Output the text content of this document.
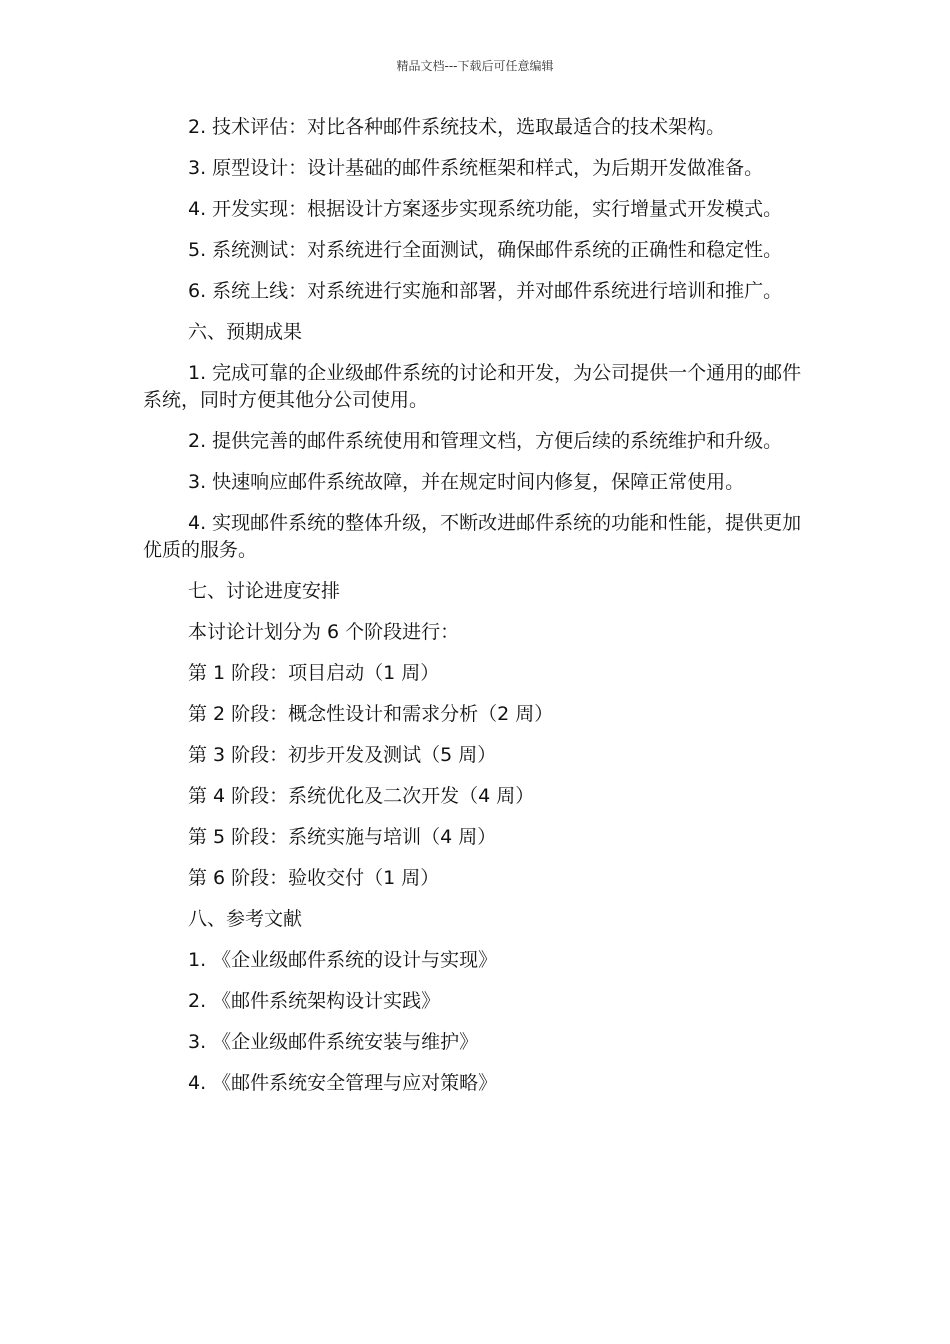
精品文档---下载后可任意编辑

2. 技术评估：对比各种邮件系统技术，选取最适合的技术架构。

3. 原型设计：设计基础的邮件系统框架和样式，为后期开发做准备。

4. 开发实现：根据设计方案逐步实现系统功能，实行增量式开发模式。

5. 系统测试：对系统进行全面测试，确保邮件系统的正确性和稳定性。

6. 系统上线：对系统进行实施和部署，并对邮件系统进行培训和推广。

六、预期成果

1. 完成可靠的企业级邮件系统的讨论和开发，为公司提供一个通用的邮件系统，同时方便其他分公司使用。

2. 提供完善的邮件系统使用和管理文档，方便后续的系统维护和升级。

3. 快速响应邮件系统故障，并在规定时间内修复，保障正常使用。

4. 实现邮件系统的整体升级，不断改进邮件系统的功能和性能，提供更加优质的服务。

七、讨论进度安排

本讨论计划分为 6 个阶段进行：

第 1 阶段：项目启动（1 周）

第 2 阶段：概念性设计和需求分析（2 周）

第 3 阶段：初步开发及测试（5 周）

第 4 阶段：系统优化及二次开发（4 周）

第 5 阶段：系统实施与培训（4 周）

第 6 阶段：验收交付（1 周）

八、参考文献

1. 《企业级邮件系统的设计与实现》

2. 《邮件系统架构设计实践》

3. 《企业级邮件系统安装与维护》

4. 《邮件系统安全管理与应对策略》
